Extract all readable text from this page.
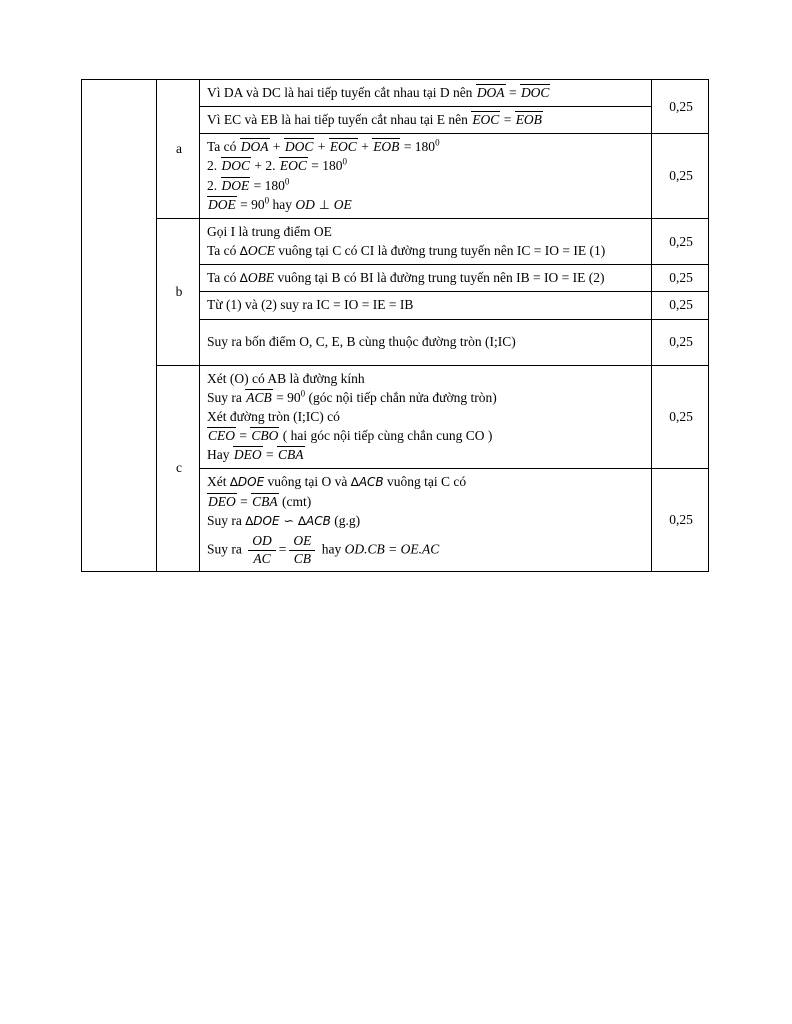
	a	Vì DA và DC là hai tiếp tuyến cắt nhau tại D nên DOA = DOC	0,25
		Vì EC và EB là hai tiếp tuyến cắt nhau tại E nên EOC = EOB	

		Ta có DOA + DOC + EOC + EOB = $180^0$
2. DOC + 2. EOC = $180^0$
2. DOE = $180^0$
DOE = $90^0$ hay OD ⊥ OE	0,25
	b	Gọi I là trung điểm OE
Ta có ∆OCE vuông tại C có CI là đường trung tuyến nên IC = IO = IE (1)	0,25

		Ta có ∆OBE vuông tại B có BI là đường trung tuyến nên IB = IO = IE (2)	0,25
		Từ (1) và (2) suy ra IC = IO = IE = IB	0,25
		Suy ra bốn điểm O, C, E, B cùng thuộc đường tròn (I;IC)	0,25
	c	Xét (O) có AB là đường kính
Suy ra ACB = $90^0$ (góc nội tiếp chắn nửa đường tròn)
Xét đường tròn (I;IC) có
CEO = CBO ( hai góc nội tiếp cùng chắn cung CO )
Hay DEO = CBA	0,25

Xét ∆DOE vuông tại O và ∆ACB vuông tại C có
DEO = CBA (cmt)
Suy ra ∆DOE ∽ ∆ACB (g.g)
Suy ra $\frac{OD}{AC} = \frac{OE}{CB}$ hay OD.CB = OE.AC
	0,25
